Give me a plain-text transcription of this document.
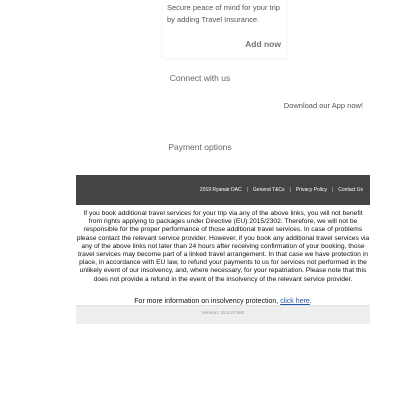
Secure peace of mind for your trip by adding Travel Insurance.
Add now
Connect with us
Download our App now!
Payment options
2019 Ryanair DAC | General T&Cs | Privacy Policy | Contact Us
If you book additional travel services for your trip via any of the above links, you will not benefit from rights applying to packages under Directive (EU) 2015/2302. Therefore, we will not be responsible for the proper performance of those additional travel services. In case of problems please contact the relevant service provider. However, if you book any additional travel services via any of the above links not later than 24 hours after receiving confirmation of your booking, those travel services may become part of a linked travel arrangement. In that case we have protection in place, in accordance with EU law, to refund your payments to us for services not performed in the unlikely event of our insolvency, and, where necessary, for your repatriation. Please note that this does not provide a refund in the event of the insolvency of the relevant service provider.
For more information on insolvency protection, click here.
Version: 15.510.993
